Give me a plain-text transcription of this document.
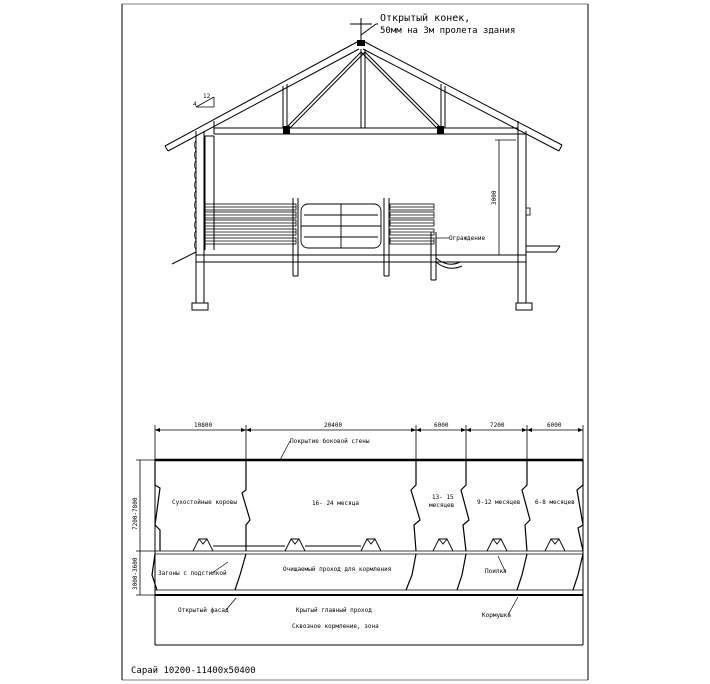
4
12
3000
Ограждение
Открытый конек,
50мм на 3м пролета здания
10800	20400	6000	7200	6000
Покрытие боковой стены
7200-7800
3000-3600
Сухостойные коровы	16- 24 месяца
13- 15
месяцев	9-12 месяцев 6-8 месяцев
Загоны с подстилкой
Очищаемый проход для кормления	Поилка
Открытый фасад	Крытый главный проход
Кормушка
Сквозное кормление, зона
Сарай 10200-11400х50400
